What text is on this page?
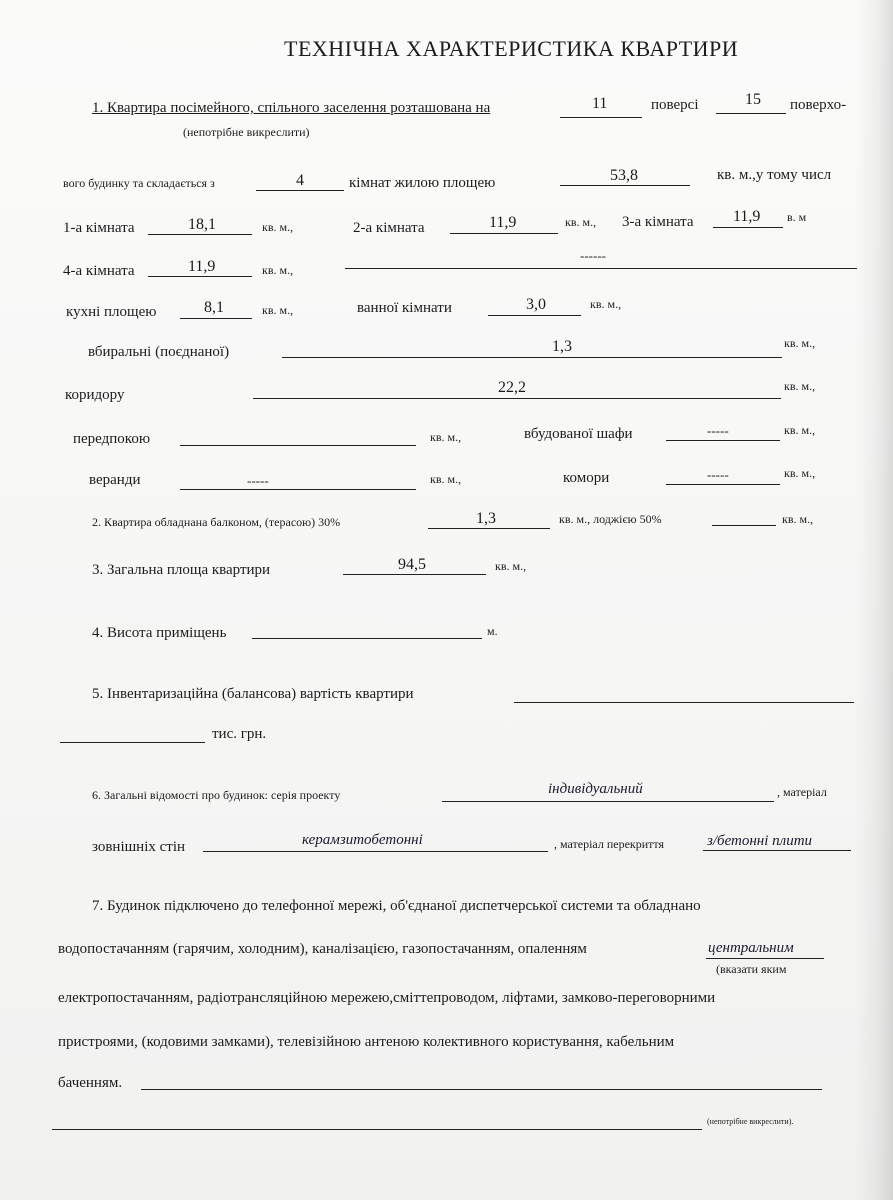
ТЕХНІЧНА ХАРАКТЕРИСТИКА КВАРТИРИ
1. Квартира посімейного, спільного заселення розташована на	11	поверсі	15 поверхо-
(непотрібне викреслити)
вого будинку та складається з	4	кімнат жилою площею	53,8	кв. м.,у тому числ
1-а кімната	18,1	кв. м.,	2-а кімната	11,9	кв. м., 3-а кімната 11,9 в. м
4-а кімната	11,9	кв. м.,
------
кухні площею	8,1	кв. м.,	ванної кімнати	3,0	кв. м.,
вбиральні (поєднаної)	1,3	кв. м.,
коридору	22,2	кв. м.,
передпокою	кв. м.,	вбудованої шафи	-----	кв. м.,
веранди	-----	кв. м.,	комори	-----	кв. м.,
2. Квартира обладнана балконом, (терасою) 30%	1,3	кв. м., лоджією 50%	кв. м.,
3. Загальна площа квартири	94,5	кв. м.,
4. Висота приміщень	м.
5. Інвентаризаційна (балансова) вартість квартири
тис. грн.
6. Загальні відомості про будинок: серія проекту	індивідуальний	, матеріал
зовнішніх стін	керамзитобетонні	, матеріал перекриття	з/бетонні плити
7. Будинок підключено до телефонної мережі, об'єднаної диспетчерської системи та обладнано
водопостачанням (гарячим, холодним), каналізацією, газопостачанням, опаленням	центральним
(вказати яким
електропостачанням, радіотрансляційною мережею,сміттепроводом, ліфтами, замково-переговорними
пристроями, (кодовими замками), телевізійною антеною колективного користування, кабельним
баченням.
(непотрібне викреслити).
